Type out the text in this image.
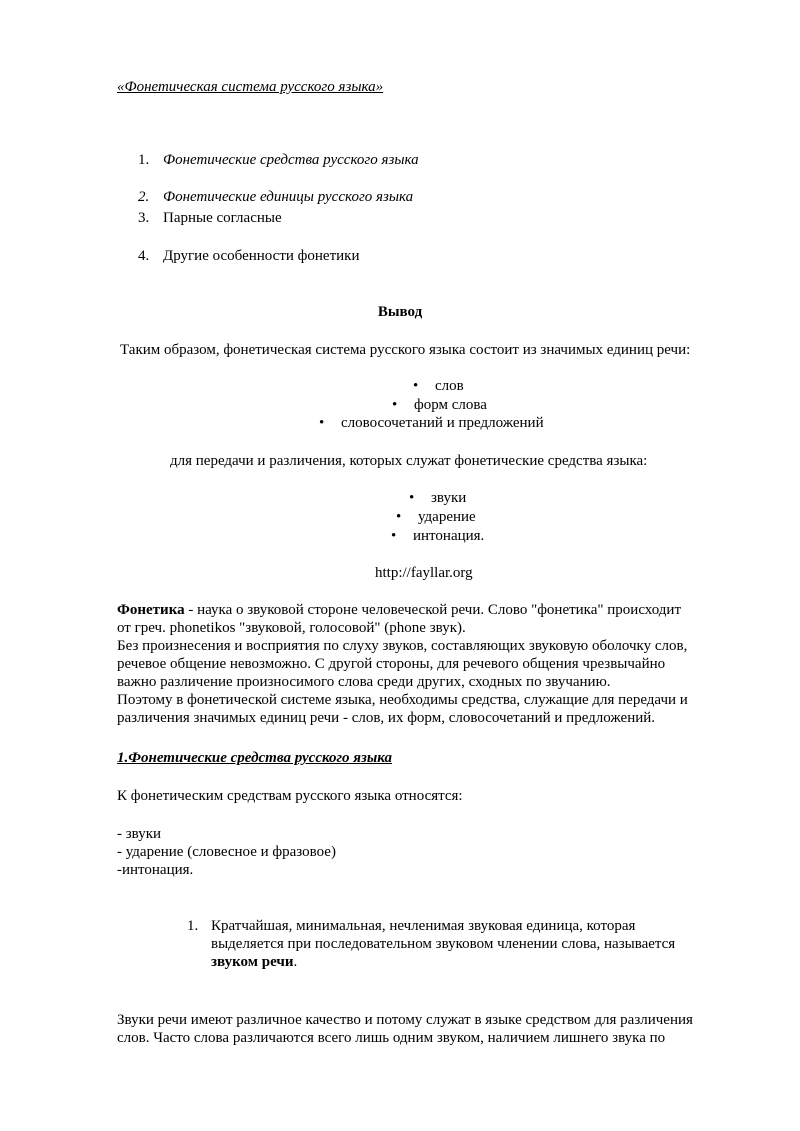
«Фонетическая система русского языка»
1. Фонетические средства русского языка
2. Фонетические единицы русского языка
3. Парные согласные
4. Другие особенности фонетики
Вывод
Таким образом, фонетическая система русского языка состоит из значимых единиц речи:
• слов
• форм слова
• словосочетаний и предложений
для передачи и различения, которых служат фонетические средства языка:
• звуки
• ударение
• интонация.
http://fayllar.org
Фонетика - наука о звуковой стороне человеческой речи. Слово "фонетика" происходит
от греч. phonetikos "звуковой, голосовой" (phone звук).
Без произнесения и восприятия по слуху звуков, составляющих звуковую оболочку слов,
речевое общение невозможно. С другой стороны, для речевого общения чрезвычайно
важно различение произносимого слова среди других, сходных по звучанию.
Поэтому в фонетической системе языка, необходимы средства, служащие для передачи и
различения значимых единиц речи - слов, их форм, словосочетаний и предложений.
1.Фонетические средства русского языка
К фонетическим средствам русского языка относятся:
- звуки
- ударение (словесное и фразовое)
-интонация.
1. Кратчайшая, минимальная, нечленимая звуковая единица, которая
выделяется при последовательном звуковом членении слова, называется
звуком речи.
Звуки речи имеют различное качество и потому служат в языке средством для различения
слов. Часто слова различаются всего лишь одним звуком, наличием лишнего звука по
